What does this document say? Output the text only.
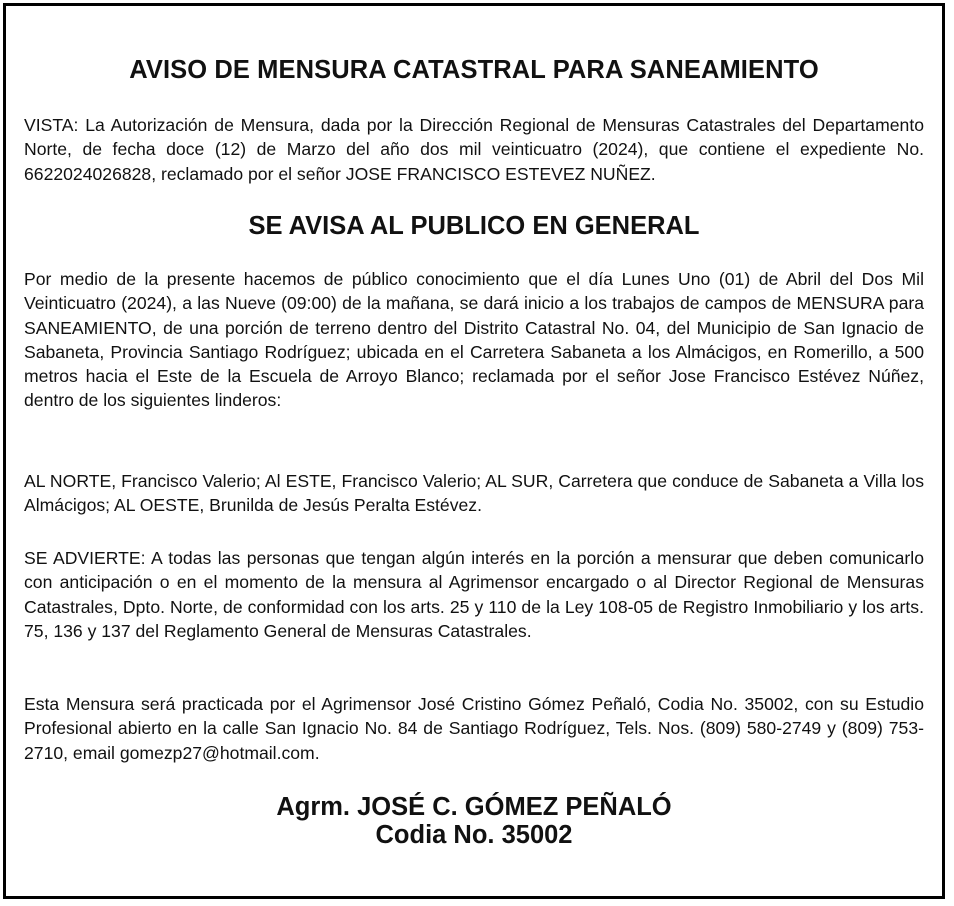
AVISO DE MENSURA CATASTRAL PARA SANEAMIENTO
VISTA: La Autorización de Mensura, dada por la Dirección Regional de Mensuras Catastrales del Departamento Norte, de fecha doce (12) de Marzo del año dos mil veinticuatro (2024), que contiene el expediente No. 6622024026828, reclamado por el señor JOSE FRANCISCO ESTEVEZ NUÑEZ.
SE AVISA AL PUBLICO EN GENERAL
Por medio de la presente hacemos de público conocimiento que el día Lunes Uno (01) de Abril del Dos Mil Veinticuatro (2024), a las Nueve (09:00) de la mañana, se dará inicio a los trabajos de campos de MENSURA para SANEAMIENTO, de una porción de terreno dentro del Distrito Catastral No. 04, del Municipio de San Ignacio de Sabaneta, Provincia Santiago Rodríguez; ubicada en el Carretera Sabaneta a los Almácigos, en Romerillo, a 500 metros hacia el Este de la Escuela de Arroyo Blanco; reclamada por el señor Jose Francisco Estévez Núñez, dentro de los siguientes linderos:
AL NORTE, Francisco Valerio; Al ESTE, Francisco Valerio; AL SUR, Carretera que conduce de Sabaneta a Villa los Almácigos; AL OESTE, Brunilda de Jesús Peralta Estévez.
SE ADVIERTE: A todas las personas que tengan algún interés en la porción a mensurar que deben comunicarlo con anticipación o en el momento de la mensura al Agrimensor encargado o al Director Regional de Mensuras Catastrales, Dpto. Norte, de conformidad con los arts. 25 y 110 de la Ley 108-05 de Registro Inmobiliario y los arts. 75, 136 y 137 del Reglamento General de Mensuras Catastrales.
Esta Mensura será practicada por el Agrimensor José Cristino Gómez Peñaló, Codia No. 35002, con su Estudio Profesional abierto en la calle San Ignacio No. 84 de Santiago Rodríguez, Tels. Nos. (809) 580-2749 y (809) 753-2710, email gomezp27@hotmail.com.
Agrm. JOSÉ C. GÓMEZ PEÑALÓ
Codia No. 35002
